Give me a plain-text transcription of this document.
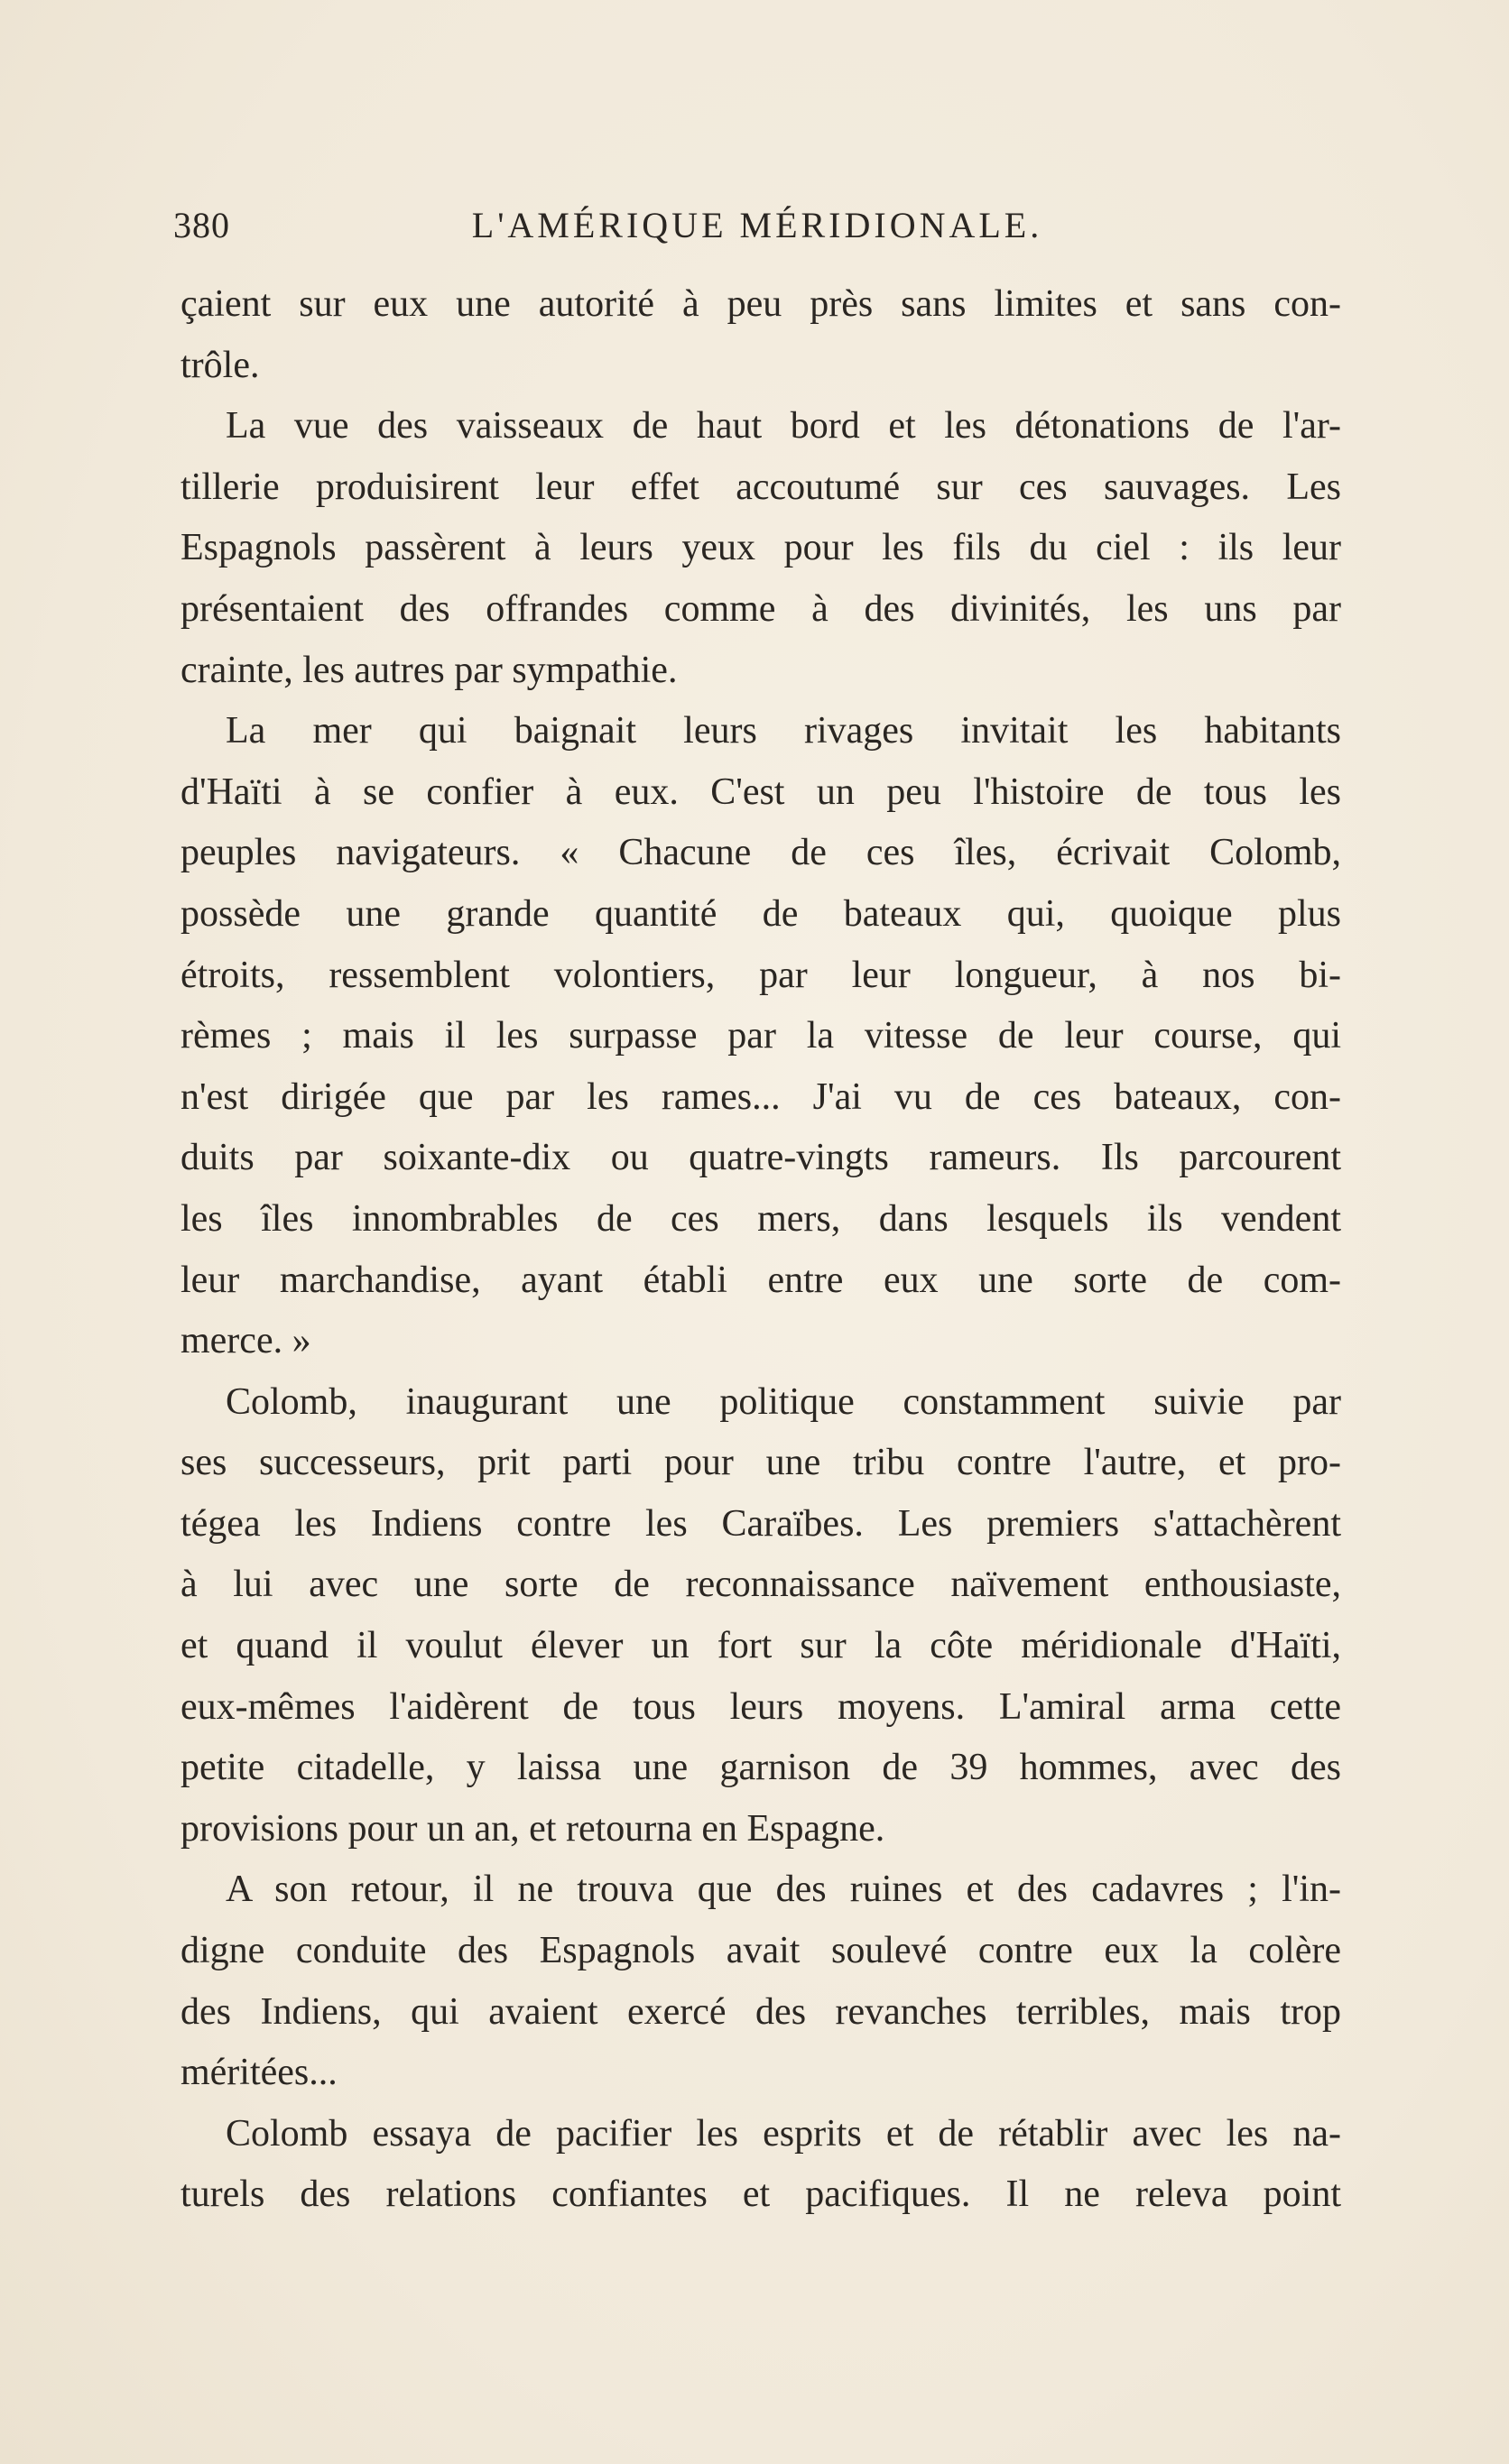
380	L'AMÉRIQUE MÉRIDIONALE.
çaient sur eux une autorité à peu près sans limites et sans con-
trôle.
La vue des vaisseaux de haut bord et les détonations de l'ar-
tillerie produisirent leur effet accoutumé sur ces sauvages. Les
Espagnols passèrent à leurs yeux pour les fils du ciel : ils leur
présentaient des offrandes comme à des divinités, les uns par
crainte, les autres par sympathie.
La mer qui baignait leurs rivages invitait les habitants
d'Haïti à se confier à eux. C'est un peu l'histoire de tous les
peuples navigateurs. « Chacune de ces îles, écrivait Colomb,
possède une grande quantité de bateaux qui, quoique plus
étroits, ressemblent volontiers, par leur longueur, à nos bi-
rèmes ; mais il les surpasse par la vitesse de leur course, qui
n'est dirigée que par les rames... J'ai vu de ces bateaux, con-
duits par soixante-dix ou quatre-vingts rameurs. Ils parcourent
les îles innombrables de ces mers, dans lesquels ils vendent
leur marchandise, ayant établi entre eux une sorte de com-
merce. »
Colomb, inaugurant une politique constamment suivie par
ses successeurs, prit parti pour une tribu contre l'autre, et pro-
tégea les Indiens contre les Caraïbes. Les premiers s'attachèrent
à lui avec une sorte de reconnaissance naïvement enthousiaste,
et quand il voulut élever un fort sur la côte méridionale d'Haïti,
eux-mêmes l'aidèrent de tous leurs moyens. L'amiral arma cette
petite citadelle, y laissa une garnison de 39 hommes, avec des
provisions pour un an, et retourna en Espagne.
A son retour, il ne trouva que des ruines et des cadavres ; l'in-
digne conduite des Espagnols avait soulevé contre eux la colère
des Indiens, qui avaient exercé des revanches terribles, mais trop
méritées...
Colomb essaya de pacifier les esprits et de rétablir avec les na-
turels des relations confiantes et pacifiques. Il ne releva point
